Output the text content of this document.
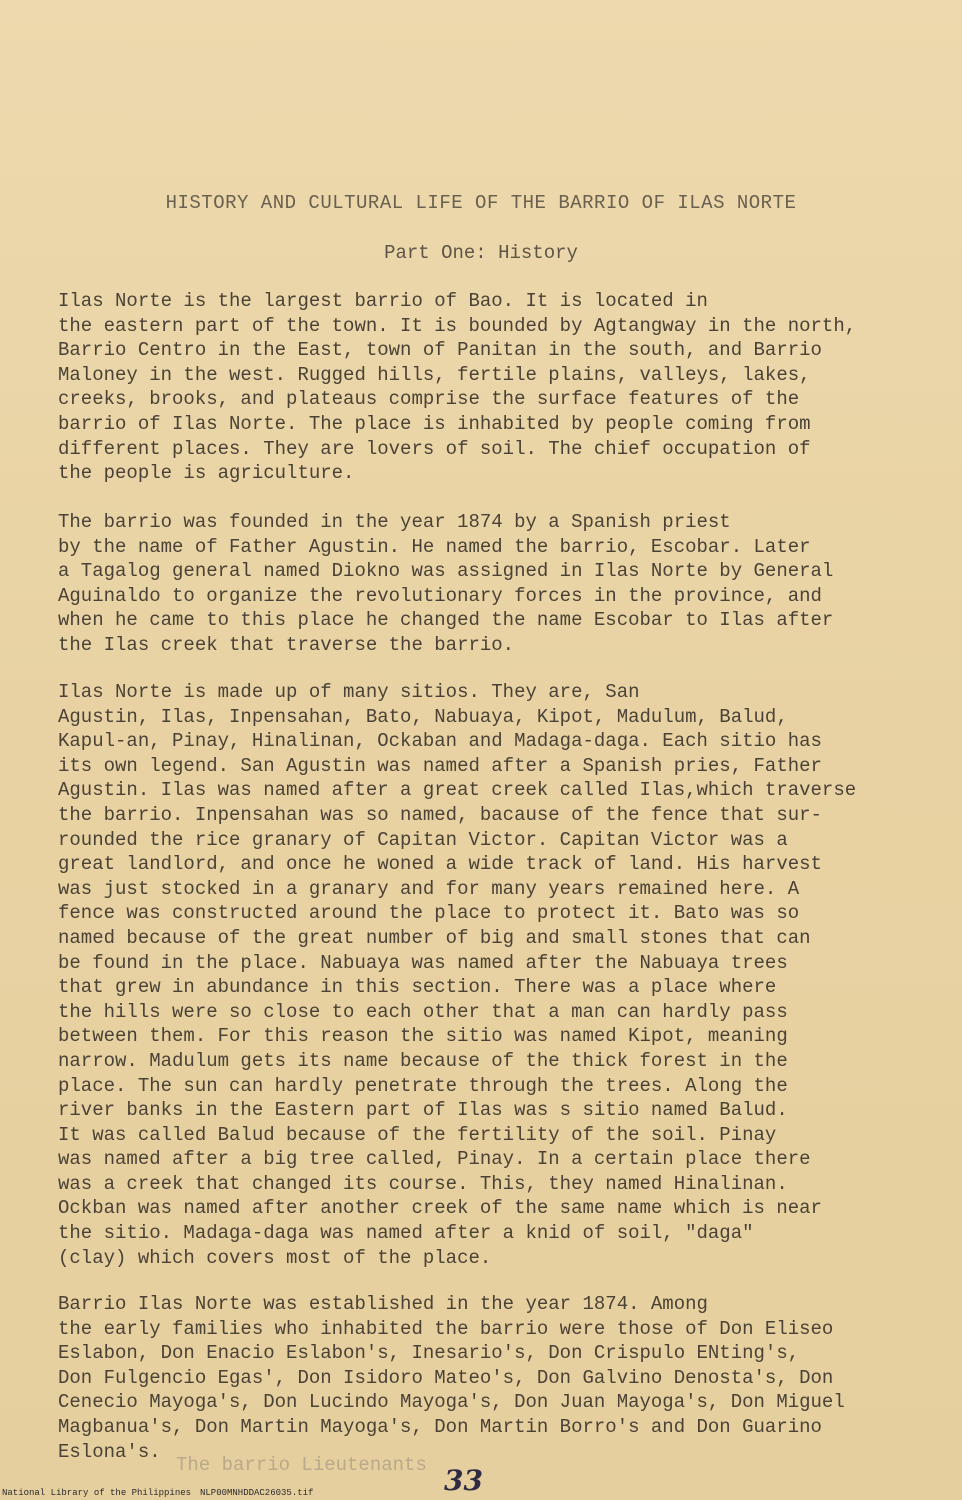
HISTORY AND CULTURAL LIFE OF THE BARRIO OF ILAS NORTE
Part One: History

Ilas Norte is the largest barrio of Bao. It is located in
the eastern part of the town. It is bounded by Agtangway in the north,
Barrio Centro in the East, town of Panitan in the south, and Barrio
Maloney in the west. Rugged hills, fertile plains, valleys, lakes,
creeks, brooks, and plateaus comprise the surface features of the
barrio of Ilas Norte. The place is inhabited by people coming from
different places. They are lovers of soil. The chief occupation of
the people is agriculture.

The barrio was founded in the year 1874 by a Spanish priest
by the name of Father Agustin. He named the barrio, Escobar. Later
a Tagalog general named Diokno was assigned in Ilas Norte by General
Aguinaldo to organize the revolutionary forces in the province, and
when he came to this place he changed the name Escobar to Ilas after
the Ilas creek that traverse the barrio.

Ilas Norte is made up of many sitios. They are, San
Agustin, Ilas, Inpensahan, Bato, Nabuaya, Kipot, Madulum, Balud,
Kapul-an, Pinay, Hinalinan, Ockaban and Madaga-daga. Each sitio has
its own legend. San Agustin was named after a Spanish pries, Father
Agustin. Ilas was named after a great creek called Ilas,which traverse
the barrio. Inpensahan was so named, bacause of the fence that sur-
rounded the rice granary of Capitan Victor. Capitan Victor was a
great landlord, and once he woned a wide track of land. His harvest
was just stocked in a granary and for many years remained here. A
fence was constructed around the place to protect it. Bato was so
named because of the great number of big and small stones that can
be found in the place. Nabuaya was named after the Nabuaya trees
that grew in abundance in this section. There was a place where
the hills were so close to each other that a man can hardly pass
between them. For this reason the sitio was named Kipot, meaning
narrow. Madulum gets its name because of the thick forest in the
place. The sun can hardly penetrate through the trees. Along the
river banks in the Eastern part of Ilas was s sitio named Balud.
It was called Balud because of the fertility of the soil. Pinay
was named after a big tree called, Pinay. In a certain place there
was a creek that changed its course. This, they named Hinalinan.
Ockban was named after another creek of the same name which is near
the sitio. Madaga-daga was named after a knid of soil, "daga"
(clay) which covers most of the place.

Barrio Ilas Norte was established in the year 1874. Among
the early families who inhabited the barrio were those of Don Eliseo
Eslabon, Don Enacio Eslabon's, Inesario's, Don Crispulo ENting's,
Don Fulgencio Egas', Don Isidoro Mateo's, Don Galvino Denosta's, Don
Cenecio Mayoga's, Don Lucindo Mayoga's, Don Juan Mayoga's, Don Miguel
Magbanua's, Don Martin Mayoga's, Don Martin Borro's and Don Guarino
Eslona's.

The barrio Lieutenants 33
National Library of the Philippines NLP00MNHDDAC26035.tif
